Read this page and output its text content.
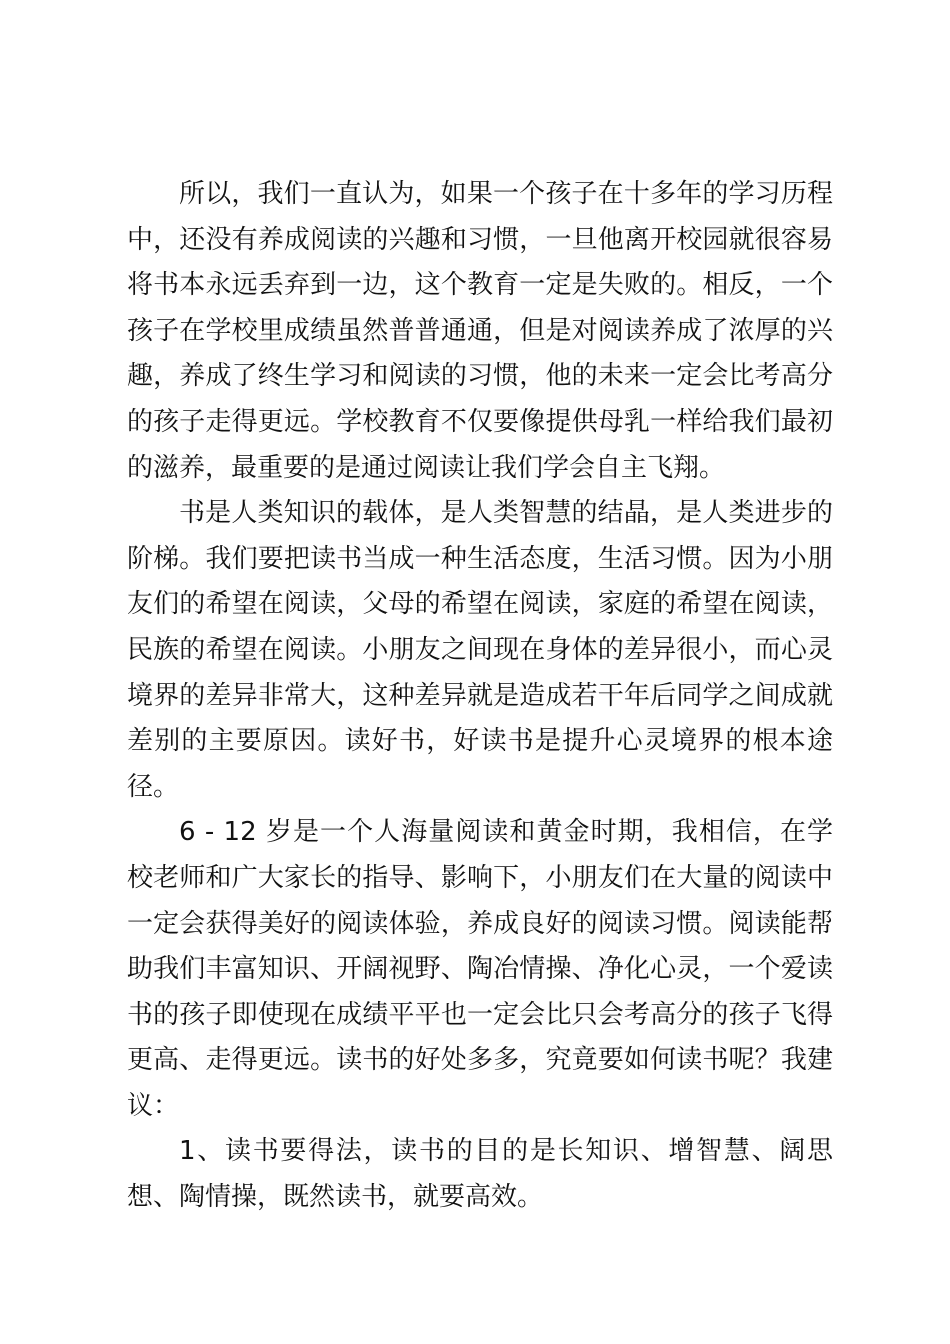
所以，我们一直认为，如果一个孩子在十多年的学习历程中，还没有养成阅读的兴趣和习惯，一旦他离开校园就很容易将书本永远丢弃到一边，这个教育一定是失败的。相反，一个孩子在学校里成绩虽然普普通通，但是对阅读养成了浓厚的兴趣，养成了终生学习和阅读的习惯，他的未来一定会比考高分的孩子走得更远。学校教育不仅要像提供母乳一样给我们最初的滋养，最重要的是通过阅读让我们学会自主飞翔。

书是人类知识的载体，是人类智慧的结晶，是人类进步的阶梯。我们要把读书当成一种生活态度，生活习惯。因为小朋友们的希望在阅读，父母的希望在阅读，家庭的希望在阅读，民族的希望在阅读。小朋友之间现在身体的差异很小，而心灵境界的差异非常大，这种差异就是造成若干年后同学之间成就差别的主要原因。读好书，好读书是提升心灵境界的根本途径。

6 - 12 岁是一个人海量阅读和黄金时期，我相信，在学校老师和广大家长的指导、影响下，小朋友们在大量的阅读中一定会获得美好的阅读体验，养成良好的阅读习惯。阅读能帮助我们丰富知识、开阔视野、陶冶情操、净化心灵，一个爱读书的孩子即使现在成绩平平也一定会比只会考高分的孩子飞得更高、走得更远。读书的好处多多，究竟要如何读书呢？我建议：

1、读书要得法，读书的目的是长知识、增智慧、阔思想、陶情操，既然读书，就要高效。
